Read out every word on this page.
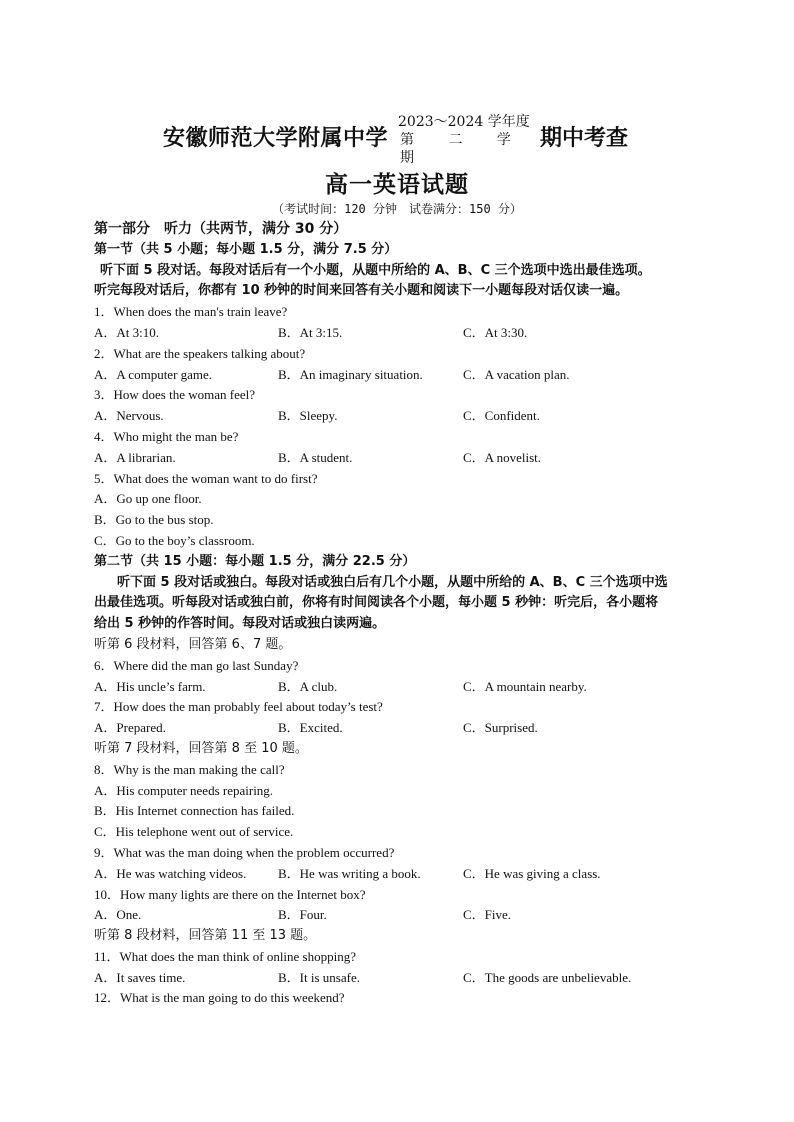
安徽师范大学附属中学
2023～2024 学年度
第 二 学 期
期中考查
高一英语试题
（考试时间：120 分钟　试卷满分：150 分）
第一部分　听力（共两节，满分 30 分）
第一节（共 5 小题；每小题 1.5 分，满分 7.5 分）
听下面 5 段对话。每段对话后有一个小题，从题中所给的 A、B、C 三个选项中选出最佳选项。
听完每段对话后，你都有 10 秒钟的时间来回答有关小题和阅读下一小题每段对话仅读一遍。
1．When does the man's train leave?
A．At 3:10.	B．At 3:15.	C．At 3:30.
2．What are the speakers talking about?
A．A computer game.	B．An imaginary situation.	C．A vacation plan.
3．How does the woman feel?
A．Nervous.	B．Sleepy.	C．Confident.
4．Who might the man be?
A．A librarian.	B．A student.	C．A novelist.
5．What does the woman want to do first?
A．Go up one floor.
B．Go to the bus stop.
C．Go to the boy’s classroom.
第二节（共 15 小题：每小题 1.5 分，满分 22.5 分）
听下面 5 段对话或独白。每段对话或独白后有几个小题，从题中所给的 A、B、C 三个选项中选
出最佳选项。听每段对话或独白前，你将有时间阅读各个小题，每小题 5 秒钟：听完后，各小题将
给出 5 秒钟的作答时间。每段对话或独白读两遍。
听第 6 段材料，回答第 6、7 题。
6．Where did the man go last Sunday?
A．His uncle’s farm.	B．A club.	C．A mountain nearby.
7．How does the man probably feel about today’s test?
A．Prepared.	B．Excited.	C．Surprised.
听第 7 段材料，回答第 8 至 10 题。
8．Why is the man making the call?
A．His computer needs repairing.
B．His Internet connection has failed.
C．His telephone went out of service.
9．What was the man doing when the problem occurred?
A．He was watching videos. B．He was writing a book.	C．He was giving a class.
10．How many lights are there on the Internet box?
A．One.	B．Four.	C．Five.
听第 8 段材料，回答第 11 至 13 题。
11．What does the man think of online shopping?
A．It saves time.	B．It is unsafe.	C．The goods are unbelievable.
12．What is the man going to do this weekend?
